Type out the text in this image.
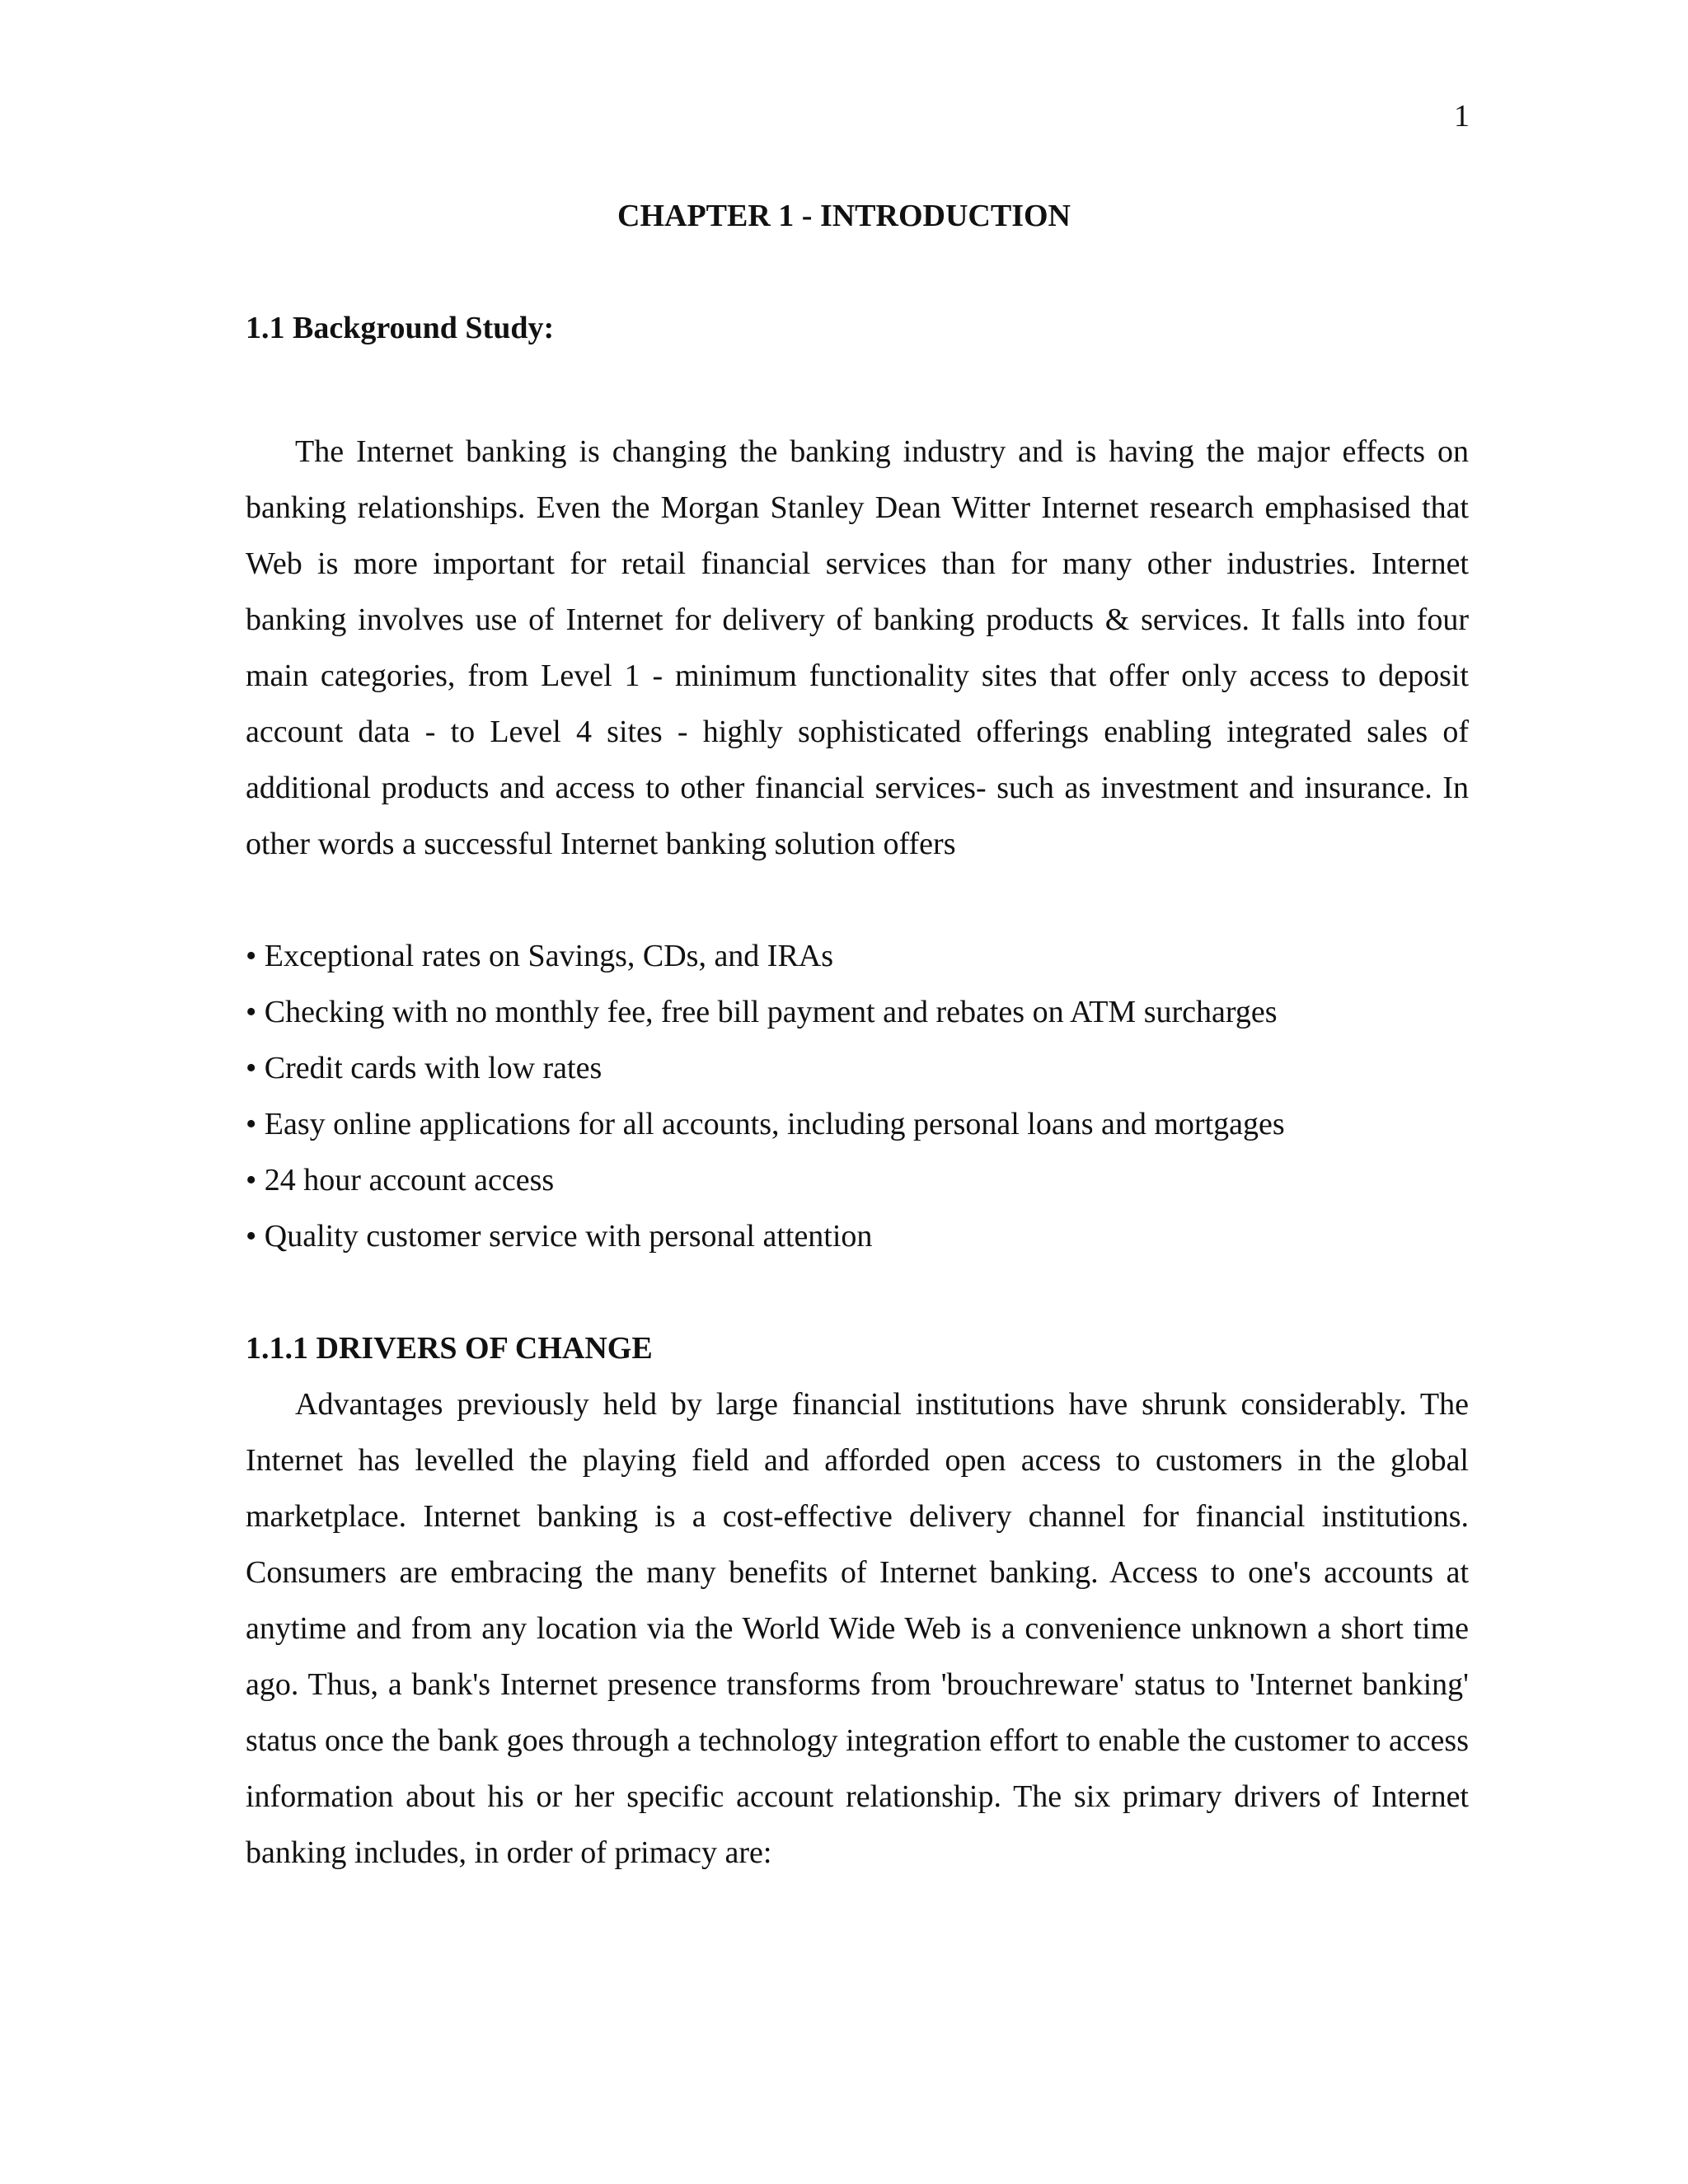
1
CHAPTER 1 - INTRODUCTION
1.1 Background Study:

The Internet banking is changing the banking industry and is having the major effects on banking relationships. Even the Morgan Stanley Dean Witter Internet research emphasised that Web is more important for retail financial services than for many other industries. Internet banking involves use of Internet for delivery of banking products & services. It falls into four main categories, from Level 1 - minimum functionality sites that offer only access to deposit account data - to Level 4 sites - highly sophisticated offerings enabling integrated sales of additional products and access to other financial services- such as investment and insurance. In other words a successful Internet banking solution offers

• Exceptional rates on Savings, CDs, and IRAs
• Checking with no monthly fee, free bill payment and rebates on ATM surcharges
• Credit cards with low rates
• Easy online applications for all accounts, including personal loans and mortgages
• 24 hour account access
• Quality customer service with personal attention
1.1.1 DRIVERS OF CHANGE

Advantages previously held by large financial institutions have shrunk considerably. The Internet has levelled the playing field and afforded open access to customers in the global marketplace. Internet banking is a cost-effective delivery channel for financial institutions. Consumers are embracing the many benefits of Internet banking. Access to one's accounts at anytime and from any location via the World Wide Web is a convenience unknown a short time ago. Thus, a bank's Internet presence transforms from 'brouchreware' status to 'Internet banking' status once the bank goes through a technology integration effort to enable the customer to access information about his or her specific account relationship. The six primary drivers of Internet banking includes, in order of primacy are:
